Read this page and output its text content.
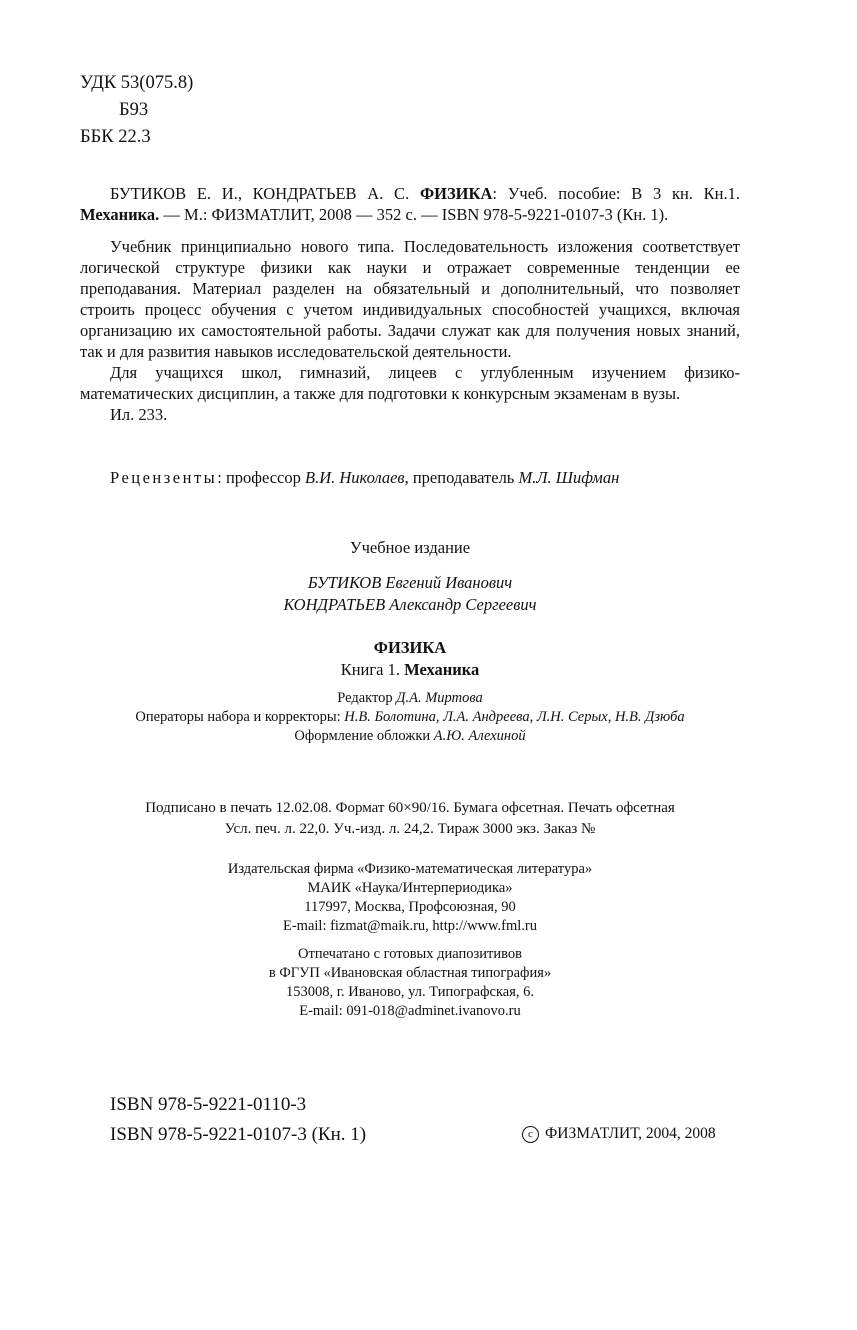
УДК 53(075.8)
Б93
ББК 22.3
БУТИКОВ Е. И., КОНДРАТЬЕВ А. С. ФИЗИКА: Учеб. пособие: В 3 кн. Кн.1. Механика. — М.: ФИЗМАТЛИТ, 2008 — 352 с. — ISBN 978-5-9221-0107-3 (Кн. 1).

Учебник принципиально нового типа. Последовательность изложения соответствует логической структуре физики как науки и отражает современные тенденции ее преподавания. Материал разделен на обязательный и дополнительный, что позволяет строить процесс обучения с учетом индивидуальных способностей учащихся, включая организацию их самостоятельной работы. Задачи служат как для получения новых знаний, так и для развития навыков исследовательской деятельности.

Для учащихся школ, гимназий, лицеев с углубленным изучением физико-математических дисциплин, а также для подготовки к конкурсным экзаменам в вузы.

Ил. 233.

Рецензенты: профессор В.И. Николаев, преподаватель М.Л. Шифман
Учебное издание
БУТИКОВ Евгений Иванович
КОНДРАТЬЕВ Александр Сергеевич
ФИЗИКА
Книга 1. Механика
Редактор Д.А. Миртова
Операторы набора и корректоры: Н.В. Болотина, Л.А. Андреева, Л.Н. Серых, Н.В. Дзюба
Оформление обложки А.Ю. Алехиной
Подписано в печать 12.02.08. Формат 60×90/16. Бумага офсетная. Печать офсетная
Усл. печ. л. 22,0. Уч.-изд. л. 24,2. Тираж 3000 экз. Заказ №
Издательская фирма «Физико-математическая литература»
МАИК «Наука/Интерпериодика»
117997, Москва, Профсоюзная, 90
E-mail: fizmat@maik.ru, http://www.fml.ru
Отпечатано с готовых диапозитивов
в ФГУП «Ивановская областная типография»
153008, г. Иваново, ул. Типографская, 6.
E-mail: 091-018@adminet.ivanovo.ru
ISBN 978-5-9221-0110-3
ISBN 978-5-9221-0107-3 (Кн. 1)	c ФИЗМАТЛИТ, 2004, 2008
